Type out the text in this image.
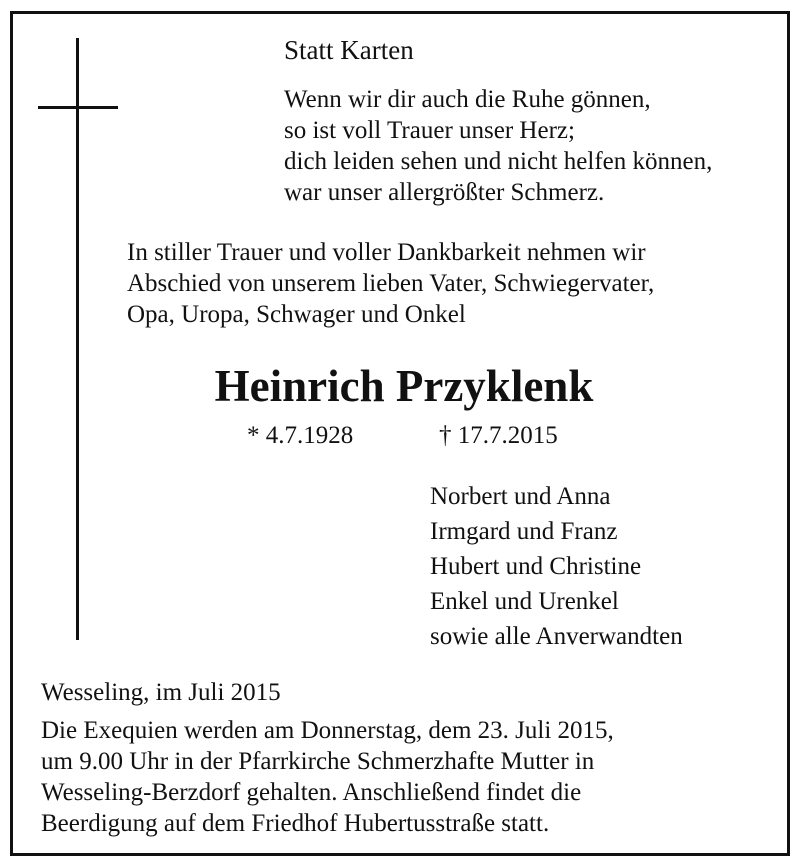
Statt Karten
Wenn wir dir auch die Ruhe gönnen,
so ist voll Trauer unser Herz;
dich leiden sehen und nicht helfen können,
war unser allergrößter Schmerz.
In stiller Trauer und voller Dankbarkeit nehmen wir
Abschied von unserem lieben Vater, Schwiegervater,
Opa, Uropa, Schwager und Onkel
Heinrich Przyklenk
* 4.7.1928	† 17.7.2015
Norbert und Anna
Irmgard und Franz
Hubert und Christine
Enkel und Urenkel
sowie alle Anverwandten
Wesseling, im Juli 2015
Die Exequien werden am Donnerstag, dem 23. Juli 2015,
um 9.00 Uhr in der Pfarrkirche Schmerzhafte Mutter in
Wesseling-Berzdorf gehalten. Anschließend findet die
Beerdigung auf dem Friedhof Hubertusstraße statt.
